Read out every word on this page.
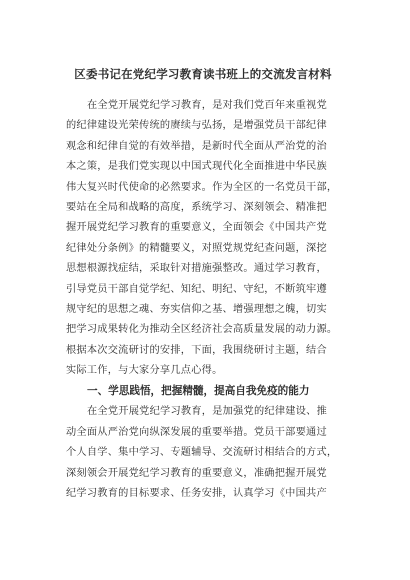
区委书记在党纪学习教育读书班上的交流发言材料
在全党开展党纪学习教育，是对我们党百年来重视党
的纪律建设光荣传统的赓续与弘扬，是增强党员干部纪律
观念和纪律自觉的有效举措，是新时代全面从严治党的治
本之策，是我们党实现以中国式现代化全面推进中华民族
伟大复兴时代使命的必然要求。作为全区的一名党员干部，
要站在全局和战略的高度，系统学习、深刻领会、精准把
握开展党纪学习教育的重要意义，全面领会《中国共产党
纪律处分条例》的精髓要义，对照党规党纪查问题，深挖
思想根源找症结，采取针对措施强整改。通过学习教育，
引导党员干部自觉学纪、知纪、明纪、守纪，不断筑牢遵
规守纪的思想之魂、夯实信仰之基、增强理想之魄，切实
把学习成果转化为推动全区经济社会高质量发展的动力源。
根据本次交流研讨的安排，下面，我围绕研讨主题，结合
实际工作，与大家分享几点心得。
一、学思践悟，把握精髓，提高自我免疫的能力
在全党开展党纪学习教育，是加强党的纪律建设、推
动全面从严治党向纵深发展的重要举措。党员干部要通过
个人自学、集中学习、专题辅导、交流研讨相结合的方式，
深刻领会开展党纪学习教育的重要意义，准确把握开展党
纪学习教育的目标要求、任务安排，认真学习《中国共产
